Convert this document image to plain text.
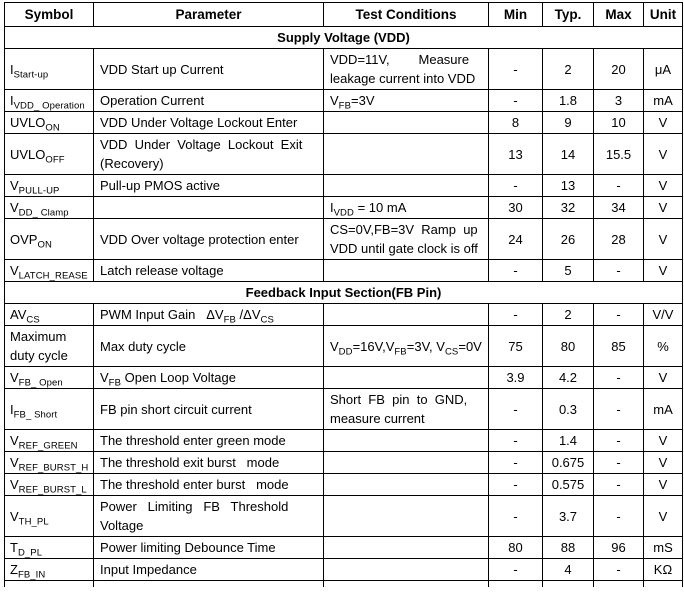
Symbol	Parameter	Test Conditions	Min	Typ.	Max	Unit
Supply Voltage (VDD)						
$I_{Start-up}$	VDD Start up Current	VDD=11V,        Measure
leakage current into VDD	-	2	20	μA
$I_{VDD\_ Operation}$	Operation Current	$V_{FB}=3V$	-	1.8	3	mA
$UVLO_{ON}$	VDD Under Voltage Lockout Enter		8	9	10	V
$UVLO_{OFF}$	VDD  Under  Voltage  Lockout  Exit
(Recovery)		13	14	15.5	V
$V_{PULL-UP}$	Pull-up PMOS active		-	13	-	V
$V_{DD\_ Clamp}$		$I_{VDD} = 10$ mA	30	32	34	V
$OVP_{ON}$	VDD Over voltage protection enter	CS=0V,FB=3V  Ramp  up
VDD until gate clock is off	24	26	28	V
$V_{LATCH\_REASE}$	Latch release voltage		-	5	-	V
Feedback Input Section(FB Pin)						
$AV_{CS}$	PWM Input Gain   $\Delta V_{FB}$ $/\Delta V_{CS}$		-	2	-	V/V
Maximum
duty cycle	Max duty cycle	$V_{DD}=16V,V_{FB}=3V$, $V_{CS}=0V$	75	80	85	%
$V_{FB\_ Open}$	$V_{FB}$ Open Loop Voltage		3.9	4.2	-	V
$I_{FB\_ Short}$	FB pin short circuit current	Short  FB  pin  to  GND,
measure current	-	0.3	-	mA
$V_{REF\_GREEN}$	The threshold enter green mode		-	1.4	-	V
$V_{REF\_BURST\_H}$	The threshold exit burst   mode		-	0.675	-	V
$V_{REF\_BURST\_L}$	The threshold enter burst   mode		-	0.575	-	V
$V_{TH\_PL}$	Power   Limiting   FB   Threshold
Voltage		-	3.7	-	V
$T_{D\_PL}$	Power limiting Debounce Time		80	88	96	mS
$Z_{FB\_IN}$	Input Impedance		-	4	-	KΩ
